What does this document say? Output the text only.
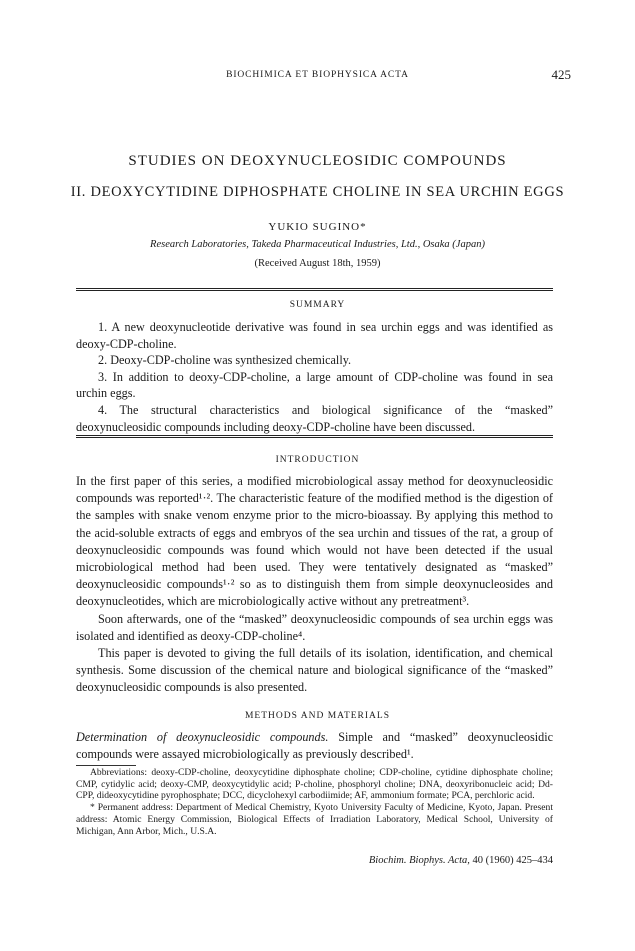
BIOCHIMICA ET BIOPHYSICA ACTA	425
STUDIES ON DEOXYNUCLEOSIDIC COMPOUNDS
II. DEOXYCYTIDINE DIPHOSPHATE CHOLINE IN SEA URCHIN EGGS
YUKIO SUGINO*
Research Laboratories, Takeda Pharmaceutical Industries, Ltd., Osaka (Japan)
(Received August 18th, 1959)
SUMMARY

1. A new deoxynucleotide derivative was found in sea urchin eggs and was identified as deoxy-CDP-choline.

2. Deoxy-CDP-choline was synthesized chemically.

3. In addition to deoxy-CDP-choline, a large amount of CDP-choline was found in sea urchin eggs.

4. The structural characteristics and biological significance of the “masked” deoxynucleosidic compounds including deoxy-CDP-choline have been discussed.

INTRODUCTION

In the first paper of this series, a modified microbiological assay method for deoxynucleosidic compounds was reported¹·². The characteristic feature of the modified method is the digestion of the samples with snake venom enzyme prior to the micro-bioassay. By applying this method to the acid-soluble extracts of eggs and embryos of the sea urchin and tissues of the rat, a group of deoxynucleosidic compounds was found which would not have been detected if the usual microbiological method had been used. They were tentatively designated as “masked” deoxynucleosidic compounds¹·² so as to distinguish them from simple deoxynucleosides and deoxynucleotides, which are microbiologically active without any pretreatment³.

Soon afterwards, one of the “masked” deoxynucleosidic compounds of sea urchin eggs was isolated and identified as deoxy-CDP-choline⁴.

This paper is devoted to giving the full details of its isolation, identification, and chemical synthesis. Some discussion of the chemical nature and biological significance of the “masked” deoxynucleosidic compounds is also presented.

METHODS AND MATERIALS

Determination of deoxynucleosidic compounds. Simple and “masked” deoxynucleosidic compounds were assayed microbiologically as previously described¹.

Abbreviations: deoxy-CDP-choline, deoxycytidine diphosphate choline; CDP-choline, cytidine diphosphate choline; CMP, cytidylic acid; deoxy-CMP, deoxycytidylic acid; P-choline, phosphoryl choline; DNA, deoxyribonucleic acid; Dd-CPP, dideoxycytidine pyrophosphate; DCC, dicyclohexyl carbodiimide; AF, ammonium formate; PCA, perchloric acid.

* Permanent address: Department of Medical Chemistry, Kyoto University Faculty of Medicine, Kyoto, Japan. Present address: Atomic Energy Commission, Biological Effects of Irradiation Laboratory, Medical School, University of Michigan, Ann Arbor, Mich., U.S.A.

Biochim. Biophys. Acta, 40 (1960) 425–434
